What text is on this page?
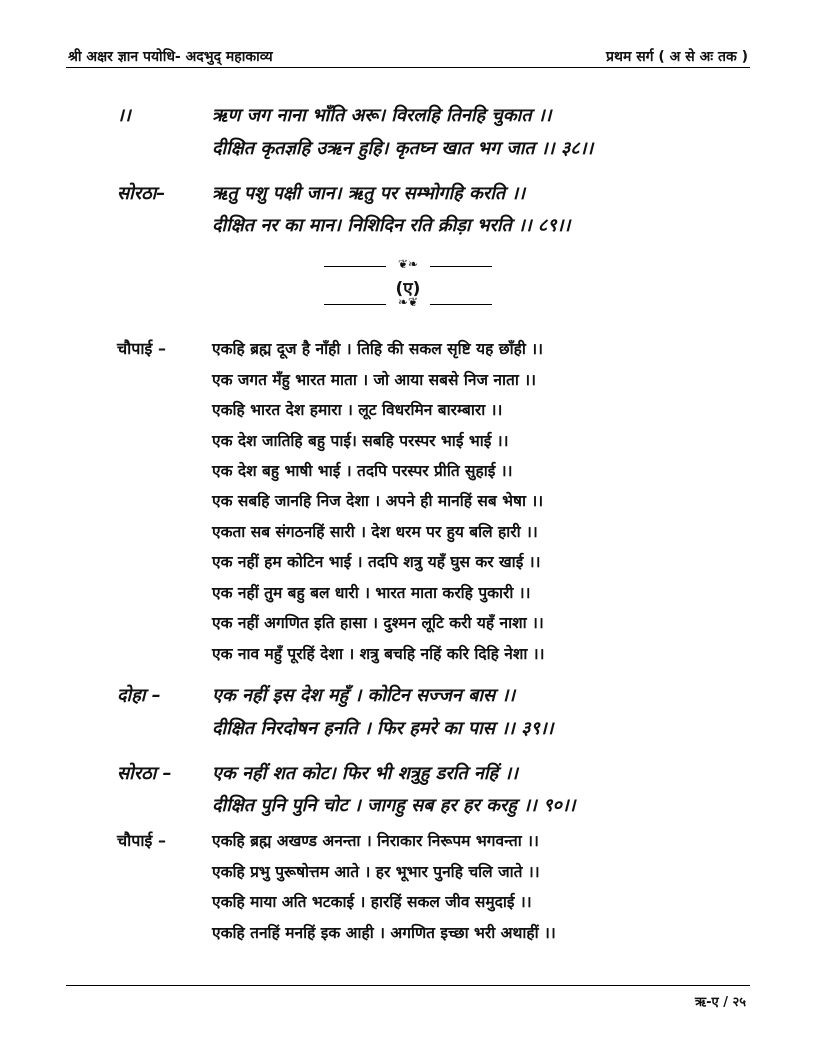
श्री अक्षर ज्ञान पयोधि- अदभुद् महाकाव्य	प्रथम सर्ग ( अ से अः तक )
।।	ऋण जग नाना भाँति अरू। विरलहि तिनहि चुकात ।।
दीक्षित कृतज्ञहि उऋन हुहि। कृतघ्न खात भग जात ।। ३८।।
सोरठा–	ऋतु पशु पक्षी जान। ऋतु पर सम्भोगहि करति ।।
दीक्षित नर का मान। निशिदिन रति क्रीड़ा भरति ।। ८९।।
❦❧
(ए)
❧❦
चौपाई –	एकहि ब्रह्म दूज है नाँही । तिहि की सकल सृष्टि यह छाँही ।।
एक जगत मँहु भारत माता । जो आया सबसे निज नाता ।।
एकहि भारत देश हमारा । लूट विधरमिन बारम्बारा ।।
एक देश जातिहि बहु पाई। सबहि परस्पर भाई भाई ।।
एक देश बहु भाषी भाई । तदपि परस्पर प्रीति सुहाई ।।
एक सबहि जानहि निज देशा । अपने ही मानहिं सब भेषा ।।
एकता सब संगठनहिं सारी । देश धरम पर हुय बलि हारी ।।
एक नहीं हम कोटिन भाई । तदपि शत्रु यहँ घुस कर खाई ।।
एक नहीं तुम बहु बल धारी । भारत माता करहि पुकारी ।।
एक नहीं अगणित इति हासा । दुश्मन लूटि करी यहँ नाशा ।।
एक नाव महुँ पूरहिं देशा । शत्रु बचहि नहिं करि दिहि नेशा ।।
दोहा –	एक नहीं इस देश महुँ । कोटिन सज्जन बास ।।
दीक्षित निरदोषन हनति । फिर हमरे का पास ।। ३९।।
सोरठा – एक नहीं शत कोट। फिर भी शत्रुहु डरति नहिं ।।
दीक्षित पुनि पुनि चोट । जागहु सब हर हर करहु ।। ९०।।
चौपाई –	एकहि ब्रह्म अखण्ड अनन्ता । निराकार निरूपम भगवन्ता ।।
एकहि प्रभु पुरूषोत्तम आते । हर भूभार पुनहि चलि जाते ।।
एकहि माया अति भटकाई । हारहिं सकल जीव समुदाई ।।
एकहि तनहिं मनहिं इक आही । अगणित इच्छा भरी अथाहीं ।।
ऋ-ए / २५
